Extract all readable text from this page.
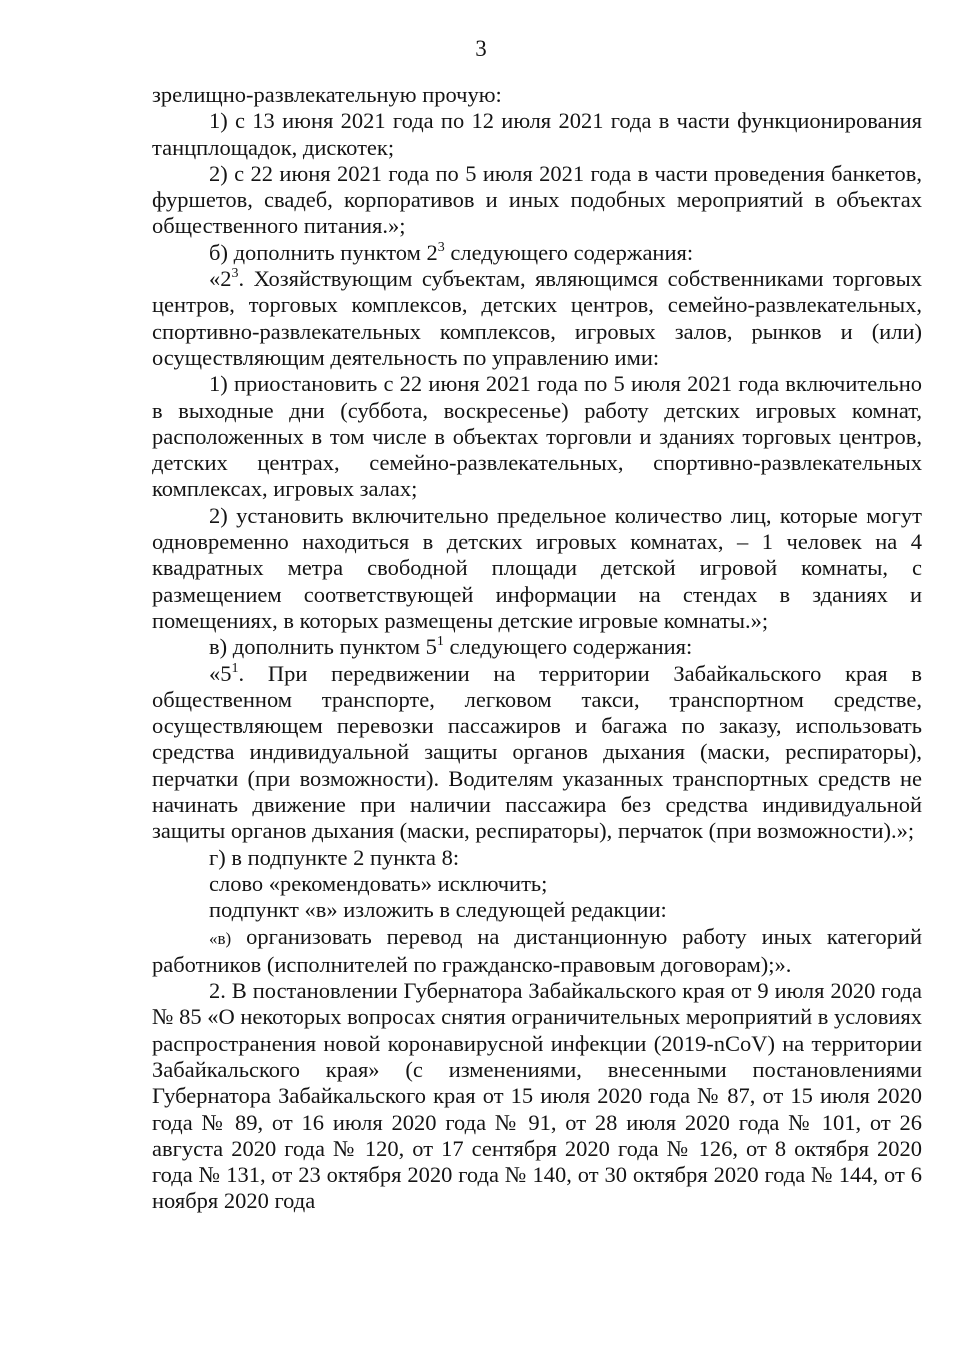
3

зрелищно-развлекательную прочую:

1) с 13 июня 2021 года по 12 июля 2021 года в части функционирования танцплощадок, дискотек;

2) с 22 июня 2021 года по 5 июля 2021 года в части проведения банкетов, фуршетов, свадеб, корпоративов и иных подобных мероприятий в объектах общественного питания.»;

б) дополнить пунктом $2^3$ следующего содержания:

«$2^3$. Хозяйствующим субъектам, являющимся собственниками торговых центров, торговых комплексов, детских центров, семейно-развлекательных, спортивно-развлекательных комплексов, игровых залов, рынков и (или) осуществляющим деятельность по управлению ими:

1) приостановить с 22 июня 2021 года по 5 июля 2021 года включительно в выходные дни (суббота, воскресенье) работу детских игровых комнат, расположенных в том числе в объектах торговли и зданиях торговых центров, детских центрах, семейно-развлекательных, спортивно-развлекательных комплексах, игровых залах;

2) установить включительно предельное количество лиц, которые могут одновременно находиться в детских игровых комнатах, – 1 человек на 4 квадратных метра свободной площади детской игровой комнаты, с размещением соответствующей информации на стендах в зданиях и помещениях, в которых размещены детские игровые комнаты.»;

в) дополнить пунктом $5^1$ следующего содержания:

«$5^1$. При передвижении на территории Забайкальского края в общественном транспорте, легковом такси, транспортном средстве, осуществляющем перевозки пассажиров и багажа по заказу, использовать средства индивидуальной защиты органов дыхания (маски, респираторы), перчатки (при возможности). Водителям указанных транспортных средств не начинать движение при наличии пассажира без средства индивидуальной защиты органов дыхания (маски, респираторы), перчаток (при возможности).»;

г) в подпункте 2 пункта 8:

слово «рекомендовать» исключить;

подпункт «в» изложить в следующей редакции:

«в) организовать перевод на дистанционную работу иных категорий работников (исполнителей по гражданско-правовым договорам);».

2. В постановлении Губернатора Забайкальского края от 9 июля 2020 года № 85 «О некоторых вопросах снятия ограничительных мероприятий в условиях распространения новой коронавирусной инфекции (2019-nCoV) на территории Забайкальского края» (с изменениями, внесенными постановлениями Губернатора Забайкальского края от 15 июля 2020 года № 87, от 15 июля 2020 года № 89, от 16 июля 2020 года № 91, от 28 июля 2020 года № 101, от 26 августа 2020 года № 120, от 17 сентября 2020 года № 126, от 8 октября 2020 года № 131, от 23 октября 2020 года № 140, от 30 октября 2020 года № 144, от 6 ноября 2020 года
